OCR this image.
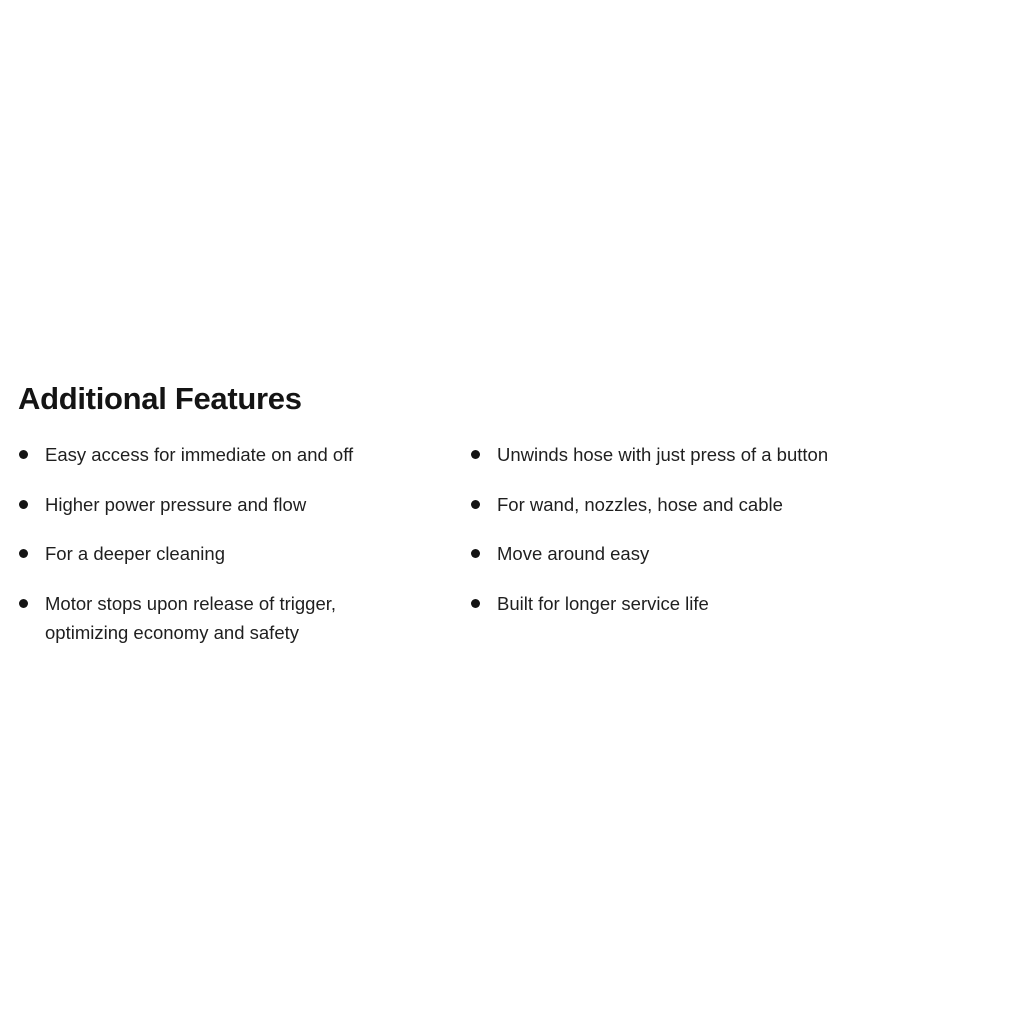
Additional Features
Easy access for immediate on and off
Higher power pressure and flow
For a deeper cleaning
Motor stops upon release of trigger, optimizing economy and safety
Unwinds hose with just press of a button
For wand, nozzles, hose and cable
Move around easy
Built for longer service life
